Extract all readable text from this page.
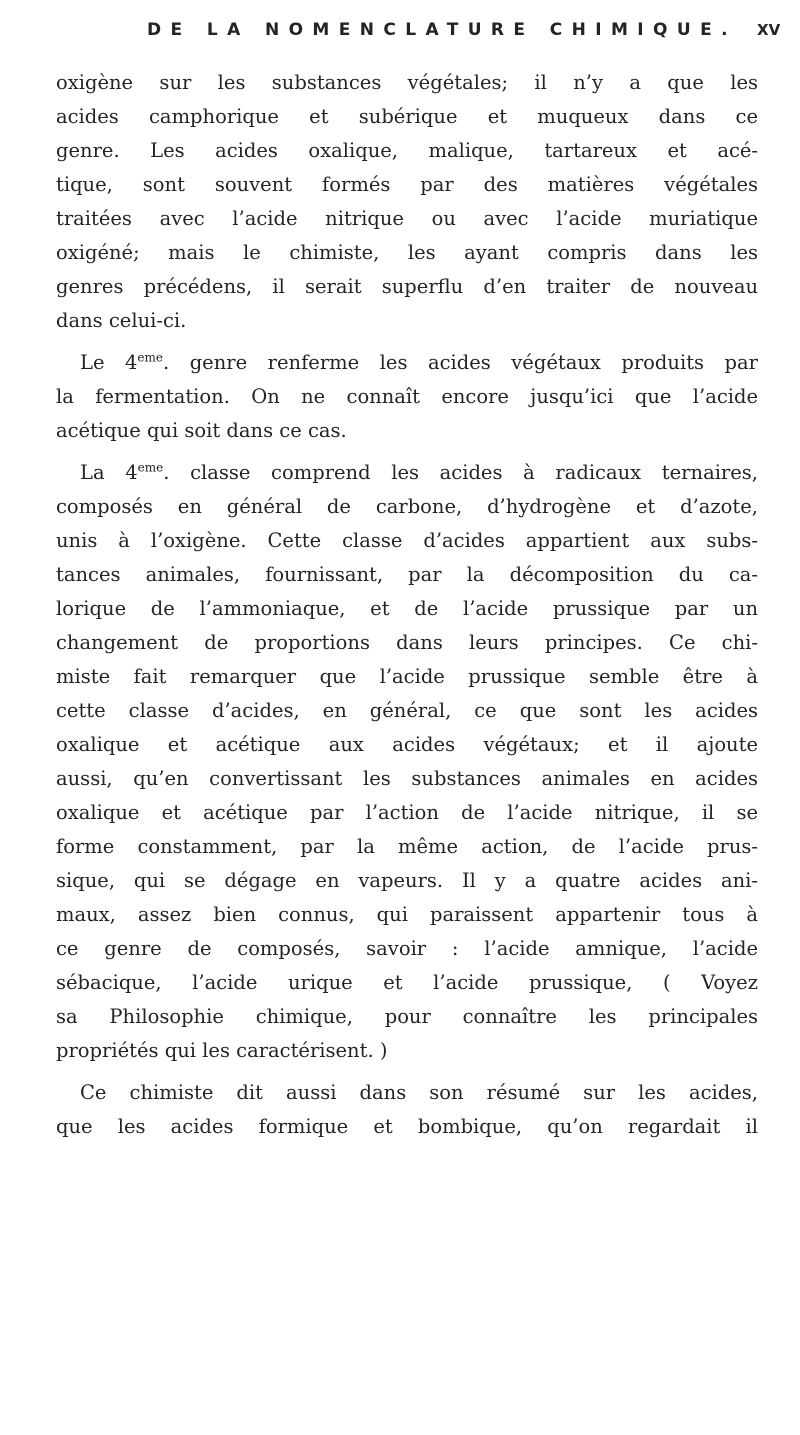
DE LA NOMENCLATURE CHIMIQUE. XV
oxigène sur les substances végétales; il n’y a que les
acides camphorique et subérique et muqueux dans ce
genre. Les acides oxalique, malique, tartareux et acé-
tique, sont souvent formés par des matières végétales
traitées avec l’acide nitrique ou avec l’acide muriatique
oxigéné; mais le chimiste, les ayant compris dans les
genres précédens, il serait superflu d’en traiter de nouveau
dans celui-ci.
Le 4eme. genre renferme les acides végétaux produits par
la fermentation. On ne connaît encore jusqu’ici que l’acide
acétique qui soit dans ce cas.
La 4eme. classe comprend les acides à radicaux ternaires,
composés en général de carbone, d’hydrogène et d’azote,
unis à l’oxigène. Cette classe d’acides appartient aux subs-
tances animales, fournissant, par la décomposition du ca-
lorique de l’ammoniaque, et de l’acide prussique par un
changement de proportions dans leurs principes. Ce chi-
miste fait remarquer que l’acide prussique semble être à
cette classe d’acides, en général, ce que sont les acides
oxalique et acétique aux acides végétaux; et il ajoute
aussi, qu’en convertissant les substances animales en acides
oxalique et acétique par l’action de l’acide nitrique, il se
forme constamment, par la même action, de l’acide prus-
sique, qui se dégage en vapeurs. Il y a quatre acides ani-
maux, assez bien connus, qui paraissent appartenir tous à
ce genre de composés, savoir : l’acide amnique, l’acide
sébacique, l’acide urique et l’acide prussique, ( Voyez
sa Philosophie chimique, pour connaître les principales
propriétés qui les caractérisent. )
Ce chimiste dit aussi dans son résumé sur les acides,
que les acides formique et bombique, qu’on regardait il
